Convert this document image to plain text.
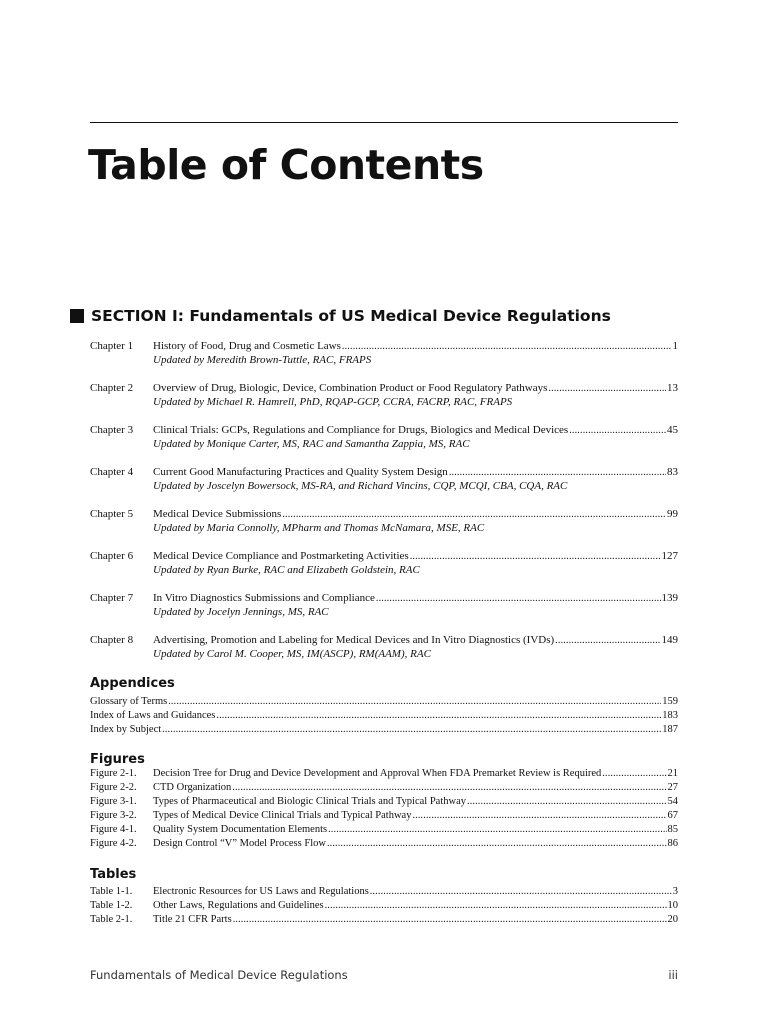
Table of Contents
SECTION I: Fundamentals of US Medical Device Regulations
Chapter 1	History of Food, Drug and Cosmetic Laws .....	1
Updated by Meredith Brown-Tuttle, RAC, FRAPS
Chapter 2	Overview of Drug, Biologic, Device, Combination Product or Food Regulatory Pathways .....	13
Updated by Michael R. Hamrell, PhD, RQAP-GCP, CCRA, FACRP, RAC, FRAPS
Chapter 3	Clinical Trials: GCPs, Regulations and Compliance for Drugs, Biologics and Medical Devices .....	45
Updated by Monique Carter, MS, RAC and Samantha Zappia, MS, RAC
Chapter 4	Current Good Manufacturing Practices and Quality System Design .....	83
Updated by Joscelyn Bowersock, MS-RA, and Richard Vincins, CQP, MCQI, CBA, CQA, RAC
Chapter 5	Medical Device Submissions .....	99
Updated by Maria Connolly, MPharm and Thomas McNamara, MSE, RAC
Chapter 6	Medical Device Compliance and Postmarketing Activities .....	127
Updated by Ryan Burke, RAC and Elizabeth Goldstein, RAC
Chapter 7	In Vitro Diagnostics Submissions and Compliance .....	139
Updated by Jocelyn Jennings, MS, RAC
Chapter 8	Advertising, Promotion and Labeling for Medical Devices and In Vitro Diagnostics (IVDs) .....	149
Updated by Carol M. Cooper, MS, IM(ASCP), RM(AAM), RAC
Appendices
Glossary of Terms .....	159
Index of Laws and Guidances .....	183
Index by Subject .....	187
Figures
Figure 2-1.	Decision Tree for Drug and Device Development and Approval When FDA Premarket Review is Required .....	21
Figure 2-2.	CTD Organization .....	27
Figure 3-1.	Types of Pharmaceutical and Biologic Clinical Trials and Typical Pathway .....	54
Figure 3-2.	Types of Medical Device Clinical Trials and Typical Pathway .....	67
Figure 4-1.	Quality System Documentation Elements .....	85
Figure 4-2.	Design Control “V” Model Process Flow .....	86
Tables
Table 1-1.	Electronic Resources for US Laws and Regulations .....	3
Table 1-2.	Other Laws, Regulations and Guidelines .....	10
Table 2-1.	Title 21 CFR Parts .....	20
Fundamentals of Medical Device Regulations	iii
